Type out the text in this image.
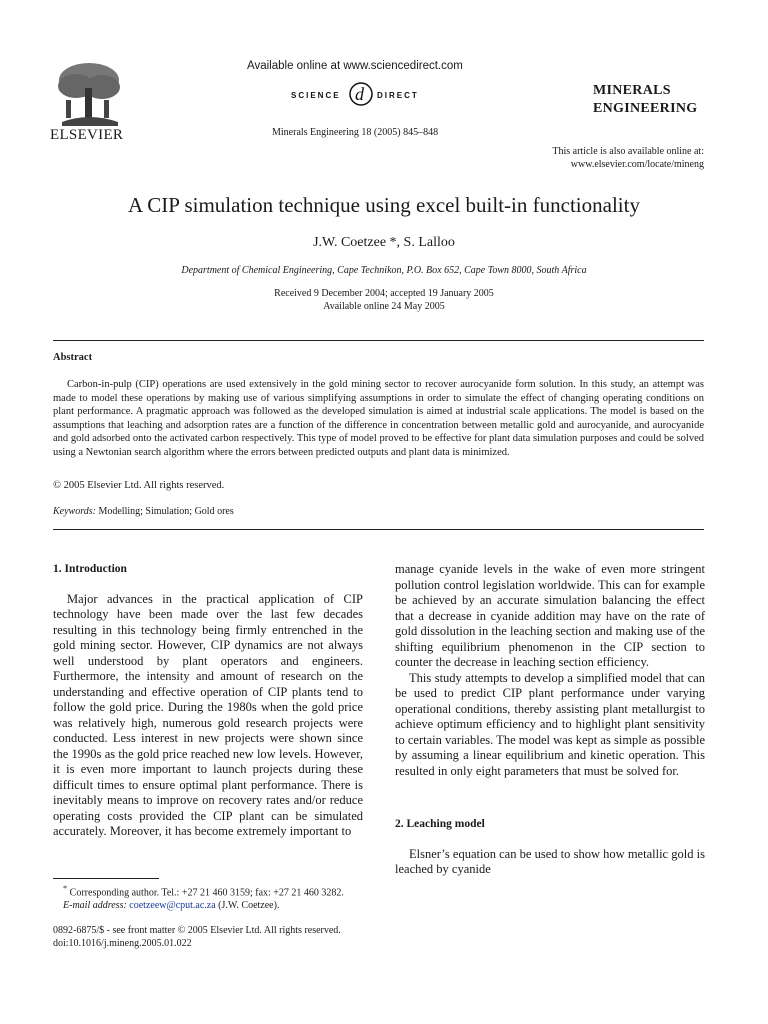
ELSEVIER
Available online at www.sciencedirect.com
SCIENCE d DIRECT
Minerals Engineering 18 (2005) 845–848
MINERALS
ENGINEERING
This article is also available online at:
www.elsevier.com/locate/mineng
A CIP simulation technique using excel built-in functionality
J.W. Coetzee *, S. Lalloo
Department of Chemical Engineering, Cape Technikon, P.O. Box 652, Cape Town 8000, South Africa
Received 9 December 2004; accepted 19 January 2005
Available online 24 May 2005
Abstract
Carbon-in-pulp (CIP) operations are used extensively in the gold mining sector to recover aurocyanide form solution. In this study, an attempt was made to model these operations by making use of various simplifying assumptions in order to simulate the effect of changing operating conditions on plant performance. A pragmatic approach was followed as the developed simulation is aimed at industrial scale applications. The model is based on the assumptions that leaching and adsorption rates are a function of the difference in concentration between metallic gold and aurocyanide, and aurocyanide and gold adsorbed onto the activated carbon respectively. This type of model proved to be effective for plant data simulation purposes and could be solved using a Newtonian search algorithm where the errors between predicted outputs and plant data is minimized.
© 2005 Elsevier Ltd. All rights reserved.
Keywords: Modelling; Simulation; Gold ores
1. Introduction

Major advances in the practical application of CIP technology have been made over the last few decades resulting in this technology being firmly entrenched in the gold mining sector. However, CIP dynamics are not always well understood by plant operators and engineers. Furthermore, the intensity and amount of research on the understanding and effective operation of CIP plants tend to follow the gold price. During the 1980s when the gold price was relatively high, numerous gold research projects were conducted. Less interest in new projects were shown since the 1990s as the gold price reached new low levels. However, it is even more important to launch projects during these difficult times to ensure optimal plant performance. There is inevitably means to improve on recovery rates and/or reduce operating costs provided the CIP plant can be simulated accurately. Moreover, it has become extremely important to

manage cyanide levels in the wake of even more stringent pollution control legislation worldwide. This can for example be achieved by an accurate simulation balancing the effect that a decrease in cyanide addition may have on the rate of gold dissolution in the leaching section and making use of the shifting equilibrium phenomenon in the CIP section to counter the decrease in leaching section efficiency.

This study attempts to develop a simplified model that can be used to predict CIP plant performance under varying operational conditions, thereby assisting plant metallurgist to achieve optimum efficiency and to highlight plant sensitivity to certain variables. The model was kept as simple as possible by assuming a linear equilibrium and kinetic operation. This resulted in only eight parameters that must be solved for.

2. Leaching model

Elsner’s equation can be used to show how metallic gold is leached by cyanide

* Corresponding author. Tel.: +27 21 460 3159; fax: +27 21 460 3282.
E-mail address: coetzeew@cput.ac.za (J.W. Coetzee).
0892-6875/$ - see front matter © 2005 Elsevier Ltd. All rights reserved.
doi:10.1016/j.mineng.2005.01.022
